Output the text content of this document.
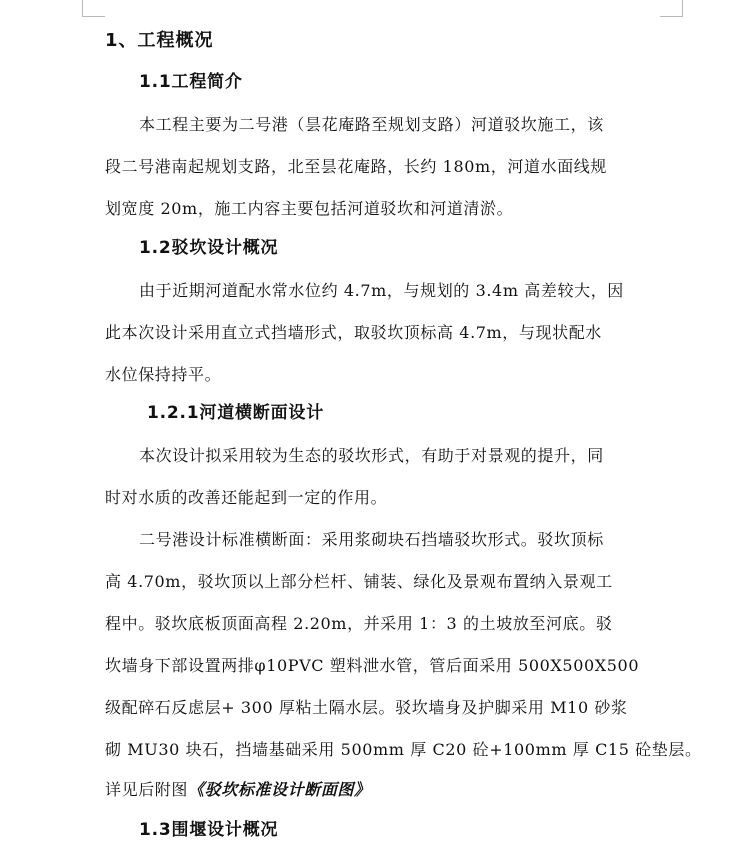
1、工程概况
1.1工程简介
本工程主要为二号港（昙花庵路至规划支路）河道驳坎施工，该
段二号港南起规划支路，北至昙花庵路，长约 180m，河道水面线规
划宽度 20m，施工内容主要包括河道驳坎和河道清淤。
1.2驳坎设计概况
由于近期河道配水常水位约 4.7m，与规划的 3.4m 高差较大，因
此本次设计采用直立式挡墙形式，取驳坎顶标高 4.7m，与现状配水
水位保持持平。
1.2.1河道横断面设计
本次设计拟采用较为生态的驳坎形式，有助于对景观的提升，同
时对水质的改善还能起到一定的作用。
二号港设计标准横断面：采用浆砌块石挡墙驳坎形式。驳坎顶标
高 4.70m，驳坎顶以上部分栏杆、铺装、绿化及景观布置纳入景观工
程中。驳坎底板顶面高程 2.20m，并采用 1：3 的土坡放至河底。驳
坎墙身下部设置两排φ10PVC 塑料泄水管，管后面采用 500X500X500
级配碎石反虑层+ 300 厚粘土隔水层。驳坎墙身及护脚采用 M10 砂浆
砌 MU30 块石，挡墙基础采用 500mm 厚 C20 砼+100mm 厚 C15 砼垫层。
详见后附图《驳坎标准设计断面图》
1.3围堰设计概况
